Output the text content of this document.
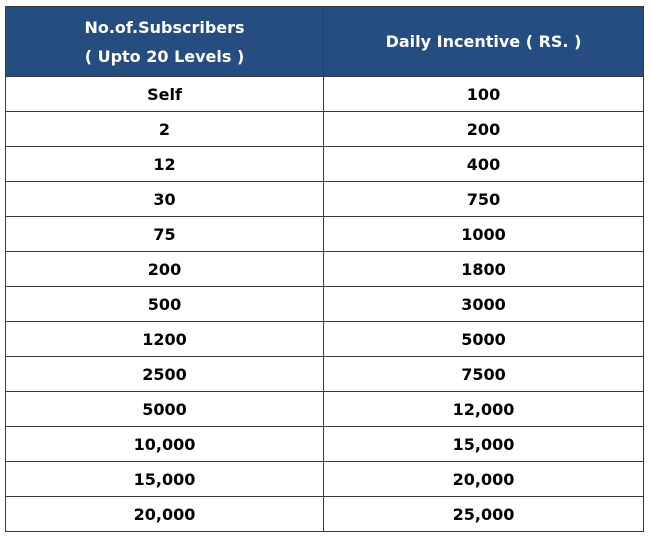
No.of.Subscribers
( Upto 20 Levels )	Daily Incentive ( RS. )
Self	100
2	200
12	400
30	750
75	1000
200	1800
500	3000
1200	5000
2500	7500
5000	12,000
10,000	15,000
15,000	20,000
20,000	25,000
